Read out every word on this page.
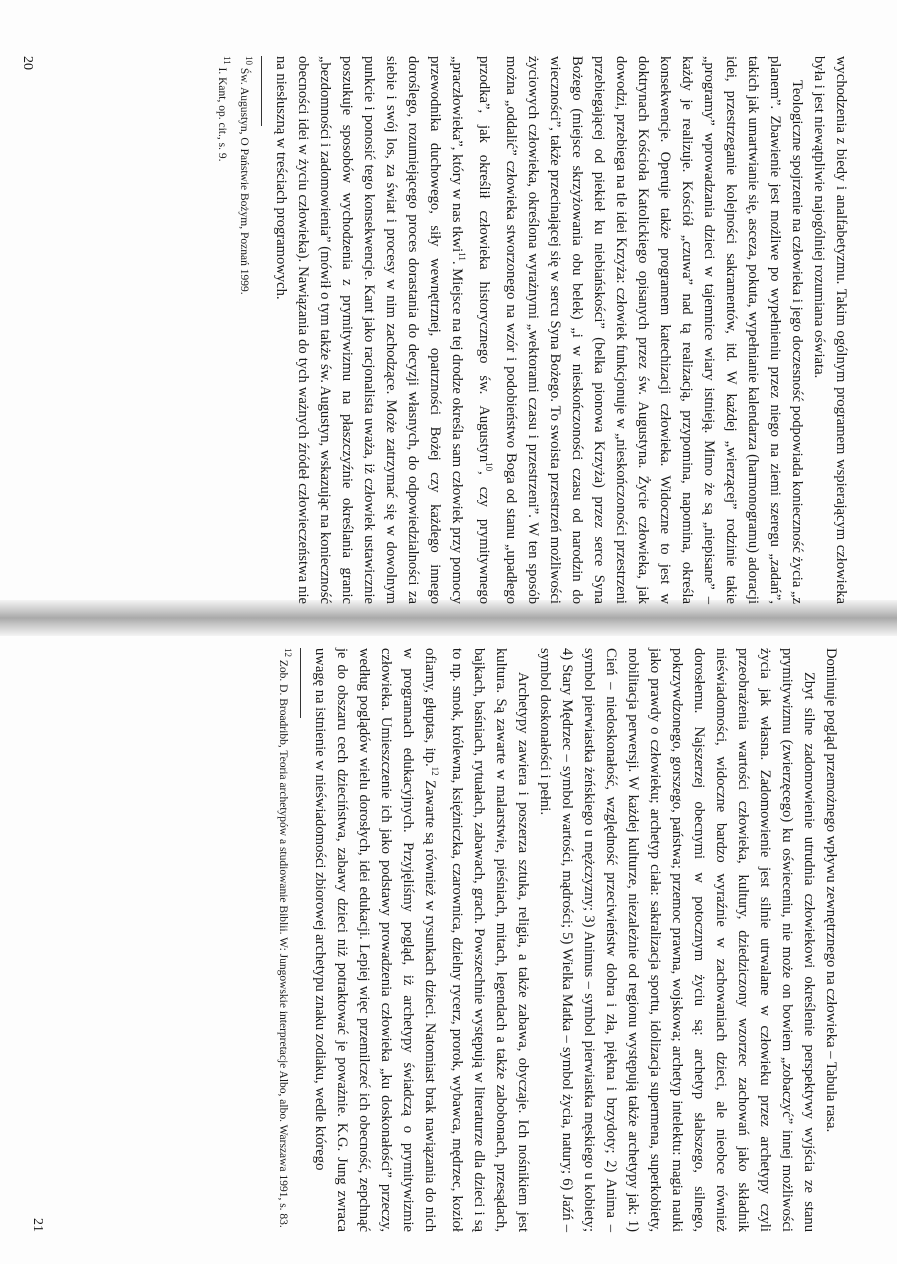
wychodzenia z biedy i analfabetyzmu. Takim ogólnym programem wspierającym człowieka była i jest niewątpliwie najogólniej rozumiana oświata.

Teologiczne spojrzenie na człowieka i jego doczesność podpowiada konieczność życia „z planem”. Zbawienie jest możliwe po wypełnieniu przez niego na ziemi szeregu „zadań”, takich jak umartwianie się, asceza, pokuta, wypełnianie kalendarza (harmonogramu) adoracji idei, przestrzeganie kolejności sakramentów, itd. W każdej „wierzącej” rodzinie takie „programy” wprowadzania dzieci w tajemnice wiary istnieją. Mimo że są „niepisane” – każdy je realizuje. Kościół „czuwa” nad tą realizacją, przypomina, napomina, określa konsekwencje. Operuje także programem katechizacji człowieka. Widoczne to jest w doktrynach Kościoła Katolickiego opisanych przez św. Augustyna. Życie człowieka, jak dowodzi, przebiega na tle idei Krzyża: człowiek funkcjonuje w „nieskończoności przestrzeni przebiegającej od piekieł ku niebiańskości” (belka pionowa Krzyża) przez serce Syna Bożego (miejsce skrzyżowania obu belek) „i w nieskończoności czasu od narodzin do wieczności”, także przecinającej się w sercu Syna Bożego. To swoista przestrzeń możliwości życiowych człowieka, określona wyrażnymi „wektorami czasu i przestrzeni”. W ten sposób można „oddalić” człowieka stworzonego na wzór i podobieństwo Boga od stanu „upadłego przodka”, jak określił człowieka historycznego św. Augustyn$^{10}$, czy prymitywnego „praczłowieka”, który w nas tkwi$^{11}$. Miejsce na tej drodze określa sam człowiek przy pomocy przewodnika duchowego, siły wewnętrznej, opatrzności Bożej czy każdego innego doroślego, rozumiejącego proces dorastania do decyzji własnych, do odpowiedzialności za siebie i swój los, za świat i procesy w nim zachodzące. Może zatrzymać się w dowolnym punkcie i ponosić tego konsekwencje. Kant jako racjonalista uważa, iż człowiek ustawicznie poszukuje sposobów wychodzenia z prymitywizmu na płaszczyźnie określania granic „bezdomności i zadomowienia” (mówił o tym także św. Augustyn, wskazując na konieczność obecności idei w życiu człowieka). Nawiązania do tych ważnych źródeł człowieczeństwa nie na niesłuszną w treściach programowych.

$^{10}$ Św. Augustyn, O Państwie Bożym, Poznań 1999.

$^{11}$ I. Kant, op. cit., s. 9.

20

Dominuje pogląd przemożnego wpływu zewnętrznego na człowieka – Tabula rasa.

Zbyt silne zadomowienie utrudnia człowiekowi określenie perspektywy wyjścia ze stanu prymitywizmu (zwierzęcego) ku oświeceniu, nie może on bowiem „zobaczyć” innej możliwości życia jak własna. Zadomowienie jest silnie utrwalane w człowieku przez archetypy czyli przeobrażenia wartości człowieka, kultury, dziedziczony wzorzec zachowań jako składnik nieświadomości, widoczne bardzo wyraźnie w zachowaniach dzieci, ale nieobce również dorosłemu. Najszerzej obecnymi w potocznym życiu są: archetyp słabszego, silnego, pokrzywdzonego, gorszego, państwa; przemoc prawna, wojskowa; archetyp intelektu: magia nauki jako prawdy o człowieku; archetyp ciała: sakralizacja sportu, idolizacja supermena, superkobiety, nobilitacja perwersji. W każdej kulturze, niezależnie od regionu występują także archetypy jak: 1) Cień – niedoskonałość, względność przeciwieństw dobra i zła, piękna i brzydoty; 2) Anima – symbol pierwiastka żeńskiego u mężczyzny; 3) Animus – symbol pierwiastka męskiego u kobiety; 4) Stary Mędrzec – symbol wartości, mądrości; 5) Wielka Matka – symbol życia, natury; 6) Jaźń – symbol doskonałości i pełni.

Archetypy zawiera i poszerza sztuka, religia, a także zabawa, obyczaje. Ich nośnikiem jest kultura. Są zawarte w malarstwie, pieśniach, mitach, legendach a także zabobonach, przesądach, bajkach, baśniach, rytuałach, zabawach, grach. Powszechnie występują w literaturze dla dzieci i są to np. smok, królewna, księżniczka, czarownica, dzielny rycerz, prorok, wybawca, mędrzec, kozioł ofiarny, głuptas, itp.$^{12}$ Zawarte są również w rysunkach dzieci. Natomiast brak nawiązania do nich w programach edukacyjnych. Przyjęliśmy pogląd, iż archetypy świadczą o prymitywizmie człowieka. Umieszczenie ich jako podstawy prowadzenia człowieka „ku doskonałości” przeczy, według poglądów wielu dorosłych, idei edukacji. Lepiej więc przemilczeć ich obecność, zepchnąć je do obszaru cech dzieciństwa, zabawy dzieci niż potraktować je poważnie. K.G. Jung zwraca uwagę na istnienie w nieświadomości zbiorowej archetypu znaku zodiaku, wedle którego

$^{12}$ Zob. D. Broadribb, Teoria archetypów a studiowanie Biblii. W: Jungowskie interpretacje Albo, albo. Warszawa 1991, s. 83.

21
